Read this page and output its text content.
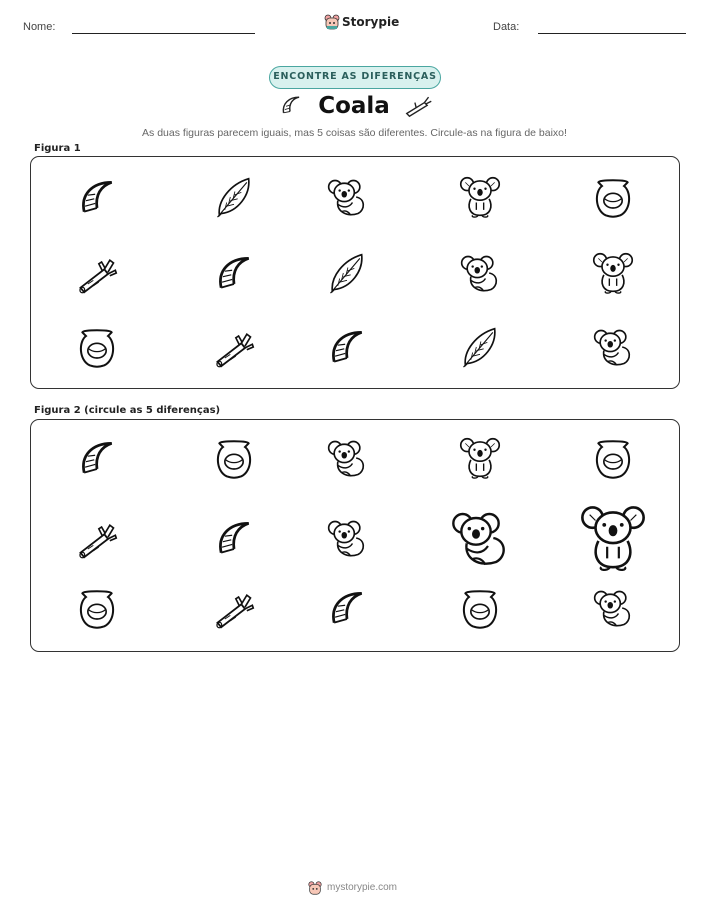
Nome:	Storypie	Data:
ENCONTRE AS DIFERENÇAS
Coala
As duas figuras parecem iguais, mas 5 coisas são diferentes. Circule-as na figura de baixo!
Figura 1
Figura 2 (circule as 5 diferenças)
mystorypie.com
